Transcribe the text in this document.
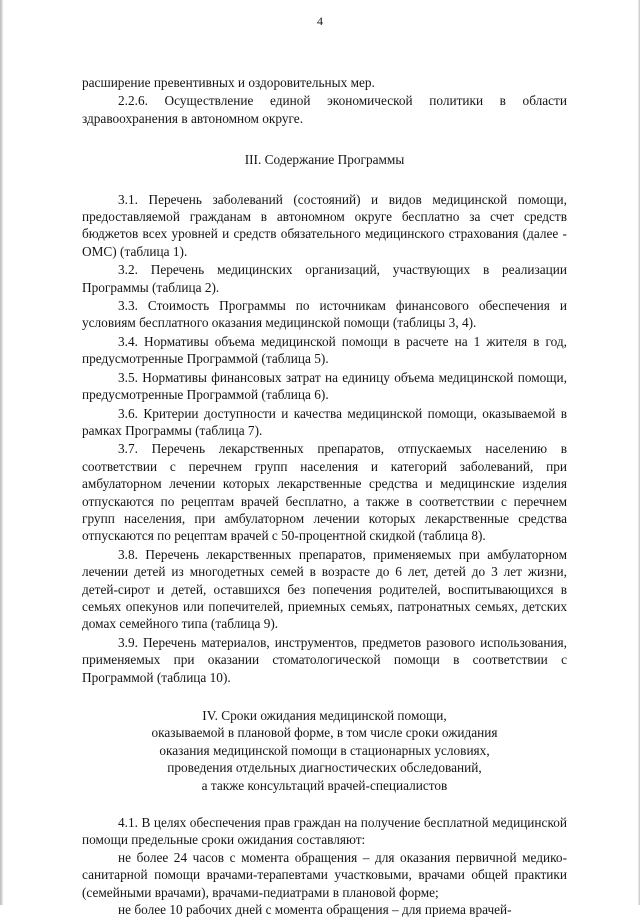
4

расширение превентивных и оздоровительных мер.

2.2.6. Осуществление единой экономической политики в области здравоохранения в автономном округе.

III. Содержание Программы

3.1. Перечень заболеваний (состояний) и видов медицинской помощи, предоставляемой гражданам в автономном округе бесплатно за счет средств бюджетов всех уровней и средств обязательного медицинского страхования (далее - ОМС) (таблица 1).

3.2. Перечень медицинских организаций, участвующих в реализации Программы (таблица 2).

3.3. Стоимость Программы по источникам финансового обеспечения и условиям бесплатного оказания медицинской помощи (таблицы 3, 4).

3.4. Нормативы объема медицинской помощи в расчете на 1 жителя в год, предусмотренные Программой (таблица 5).

3.5. Нормативы финансовых затрат на единицу объема медицинской помощи, предусмотренные Программой (таблица 6).

3.6. Критерии доступности и качества медицинской помощи, оказываемой в рамках Программы (таблица 7).

3.7. Перечень лекарственных препаратов, отпускаемых населению в соответствии с перечнем групп населения и категорий заболеваний, при амбулаторном лечении которых лекарственные средства и медицинские изделия отпускаются по рецептам врачей бесплатно, а также в соответствии с перечнем групп населения, при амбулаторном лечении которых лекарственные средства отпускаются по рецептам врачей с 50-процентной скидкой (таблица 8).

3.8. Перечень лекарственных препаратов, применяемых при амбулаторном лечении детей из многодетных семей в возрасте до 6 лет, детей до 3 лет жизни, детей-сирот и детей, оставшихся без попечения родителей, воспитывающихся в семьях опекунов или попечителей, приемных семьях, патронатных семьях, детских домах семейного типа (таблица 9).

3.9. Перечень материалов, инструментов, предметов разового использования, применяемых при оказании стоматологической помощи в соответствии с Программой (таблица 10).

IV. Сроки ожидания медицинской помощи,
оказываемой в плановой форме, в том числе сроки ожидания
оказания медицинской помощи в стационарных условиях,
проведения отдельных диагностических обследований,
а также консультаций врачей-специалистов

4.1. В целях обеспечения прав граждан на получение бесплатной медицинской помощи предельные сроки ожидания составляют:

не более 24 часов с момента обращения – для оказания первичной медико-санитарной помощи врачами-терапевтами участковыми, врачами общей практики (семейными врачами), врачами-педиатрами в плановой форме;

не более 10 рабочих дней с момента обращения – для приема врачей-
